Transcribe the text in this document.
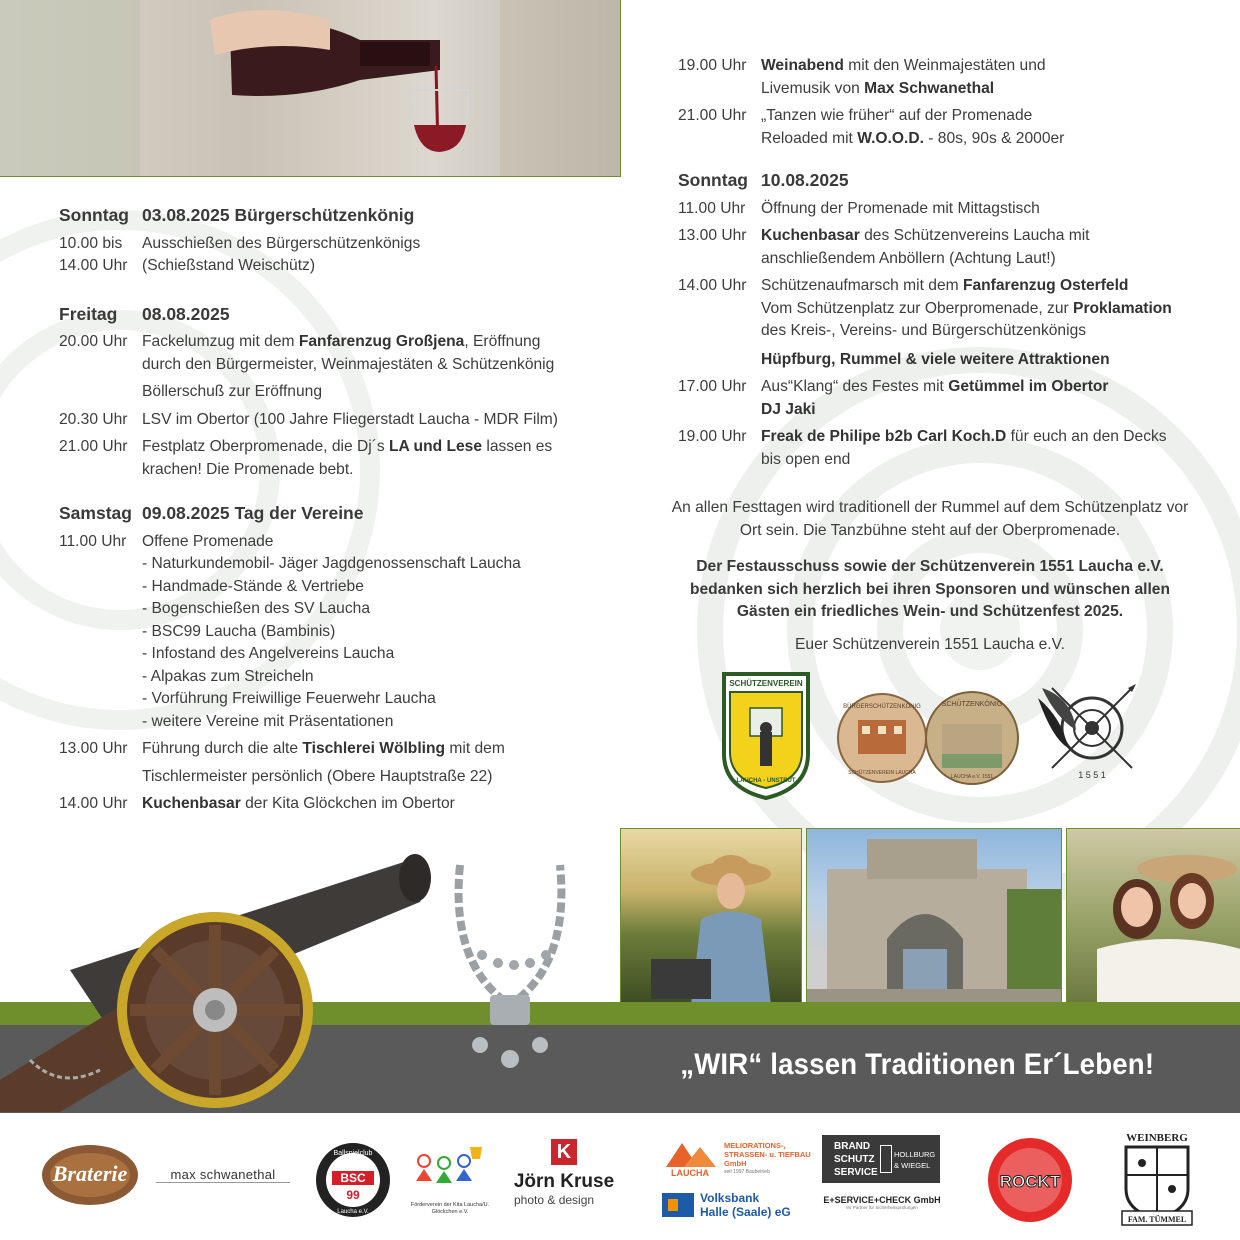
Sonntag 03.08.2025 Bürgerschützenkönig
10.00 bis	Ausschießen des Bürgerschützenkönigs
14.00 Uhr (Schießstand Weischütz)
Freitag	08.08.2025
20.00 Uhr Fackelumzug mit dem Fanfarenzug Großjena, Eröffnung
durch den Bürgermeister, Weinmajestäten & Schützenkönig
Böllerschuß zur Eröffnung
20.30 Uhr LSV im Obertor (100 Jahre Fliegerstadt Laucha - MDR Film)
21.00 Uhr Festplatz Oberpromenade, die Dj´s LA und Lese lassen es
krachen! Die Promenade bebt.
Samstag 09.08.2025 Tag der Vereine
11.00 Uhr	Offene Promenade
- Naturkundemobil- Jäger Jagdgenossenschaft Laucha
- Handmade-Stände & Vertriebe
- Bogenschießen des SV Laucha
- BSC99 Laucha (Bambinis)
- Infostand des Angelvereins Laucha
- Alpakas zum Streicheln
- Vorführung Freiwillige Feuerwehr Laucha
- weitere Vereine mit Präsentationen
13.00 Uhr Führung durch die alte Tischlerei Wölbling mit dem
Tischlermeister persönlich (Obere Hauptstraße 22)
14.00 Uhr Kuchenbasar der Kita Glöckchen im Obertor
19.00 Uhr Weinabend mit den Weinmajestäten und
Livemusik von Max Schwanethal
21.00 Uhr „Tanzen wie früher“ auf der Promenade
Reloaded mit W.O.O.D. - 80s, 90s & 2000er
Sonntag 10.08.2025
11.00 Uhr	Öffnung der Promenade mit Mittagstisch
13.00 Uhr Kuchenbasar des Schützenvereins Laucha mit
anschließendem Anböllern (Achtung Laut!)
14.00 Uhr Schützenaufmarsch mit dem Fanfarenzug Osterfeld
Vom Schützenplatz zur Oberpromenade, zur Proklamation
des Kreis-, Vereins- und Bürgerschützenkönigs
Hüpfburg, Rummel & viele weitere Attraktionen
17.00 Uhr Aus“Klang“ des Festes mit Getümmel im Obertor
DJ Jaki
19.00 Uhr Freak de Philipe b2b Carl Koch.D für euch an den Decks
bis open end
An allen Festtagen wird traditionell der Rummel auf dem Schützenplatz vor Ort sein. Die Tanzbühne steht auf der Oberpromenade.
Der Festausschuss sowie der Schützenverein 1551 Laucha e.V. bedanken sich herzlich bei ihren Sponsoren und wünschen allen Gästen ein friedliches Wein- und Schützenfest 2025.
Euer Schützenverein 1551 Laucha e.V.
SCHÜTZENVEREIN
LAUCHA - UNSTRUT
BÜRGERSCHÜTZENKÖNIG
SCHÜTZENVEREIN LAUCHA
SCHÜTZENKÖNIG
LAUCHA e.V. 1551	1 5 5 1
„WIR“ lassen Traditionen Er´Leben!
Braterie	max schwanethal	BSC
99
Ballspielclub
Laucha e.V.
Förderverein der Kita Laucha/U. Glöckchen e.V.
K
Jörn Kruse
photo & design
LAUCHA
MELIORATIONS-, STRASSEN- u. TIEFBAU GmbH
seit 1997 Baubetrieb
Volksbank
Halle (Saale) eG
BRAND
SCHUTZ
SERVICE
HOLLBURG
& WIEGEL
E+SERVICE+CHECK GmbH
Ihr Partner für Sicherheitsprüfungen
ROCKT
WEINBERG
FAM. TÜMMEL
